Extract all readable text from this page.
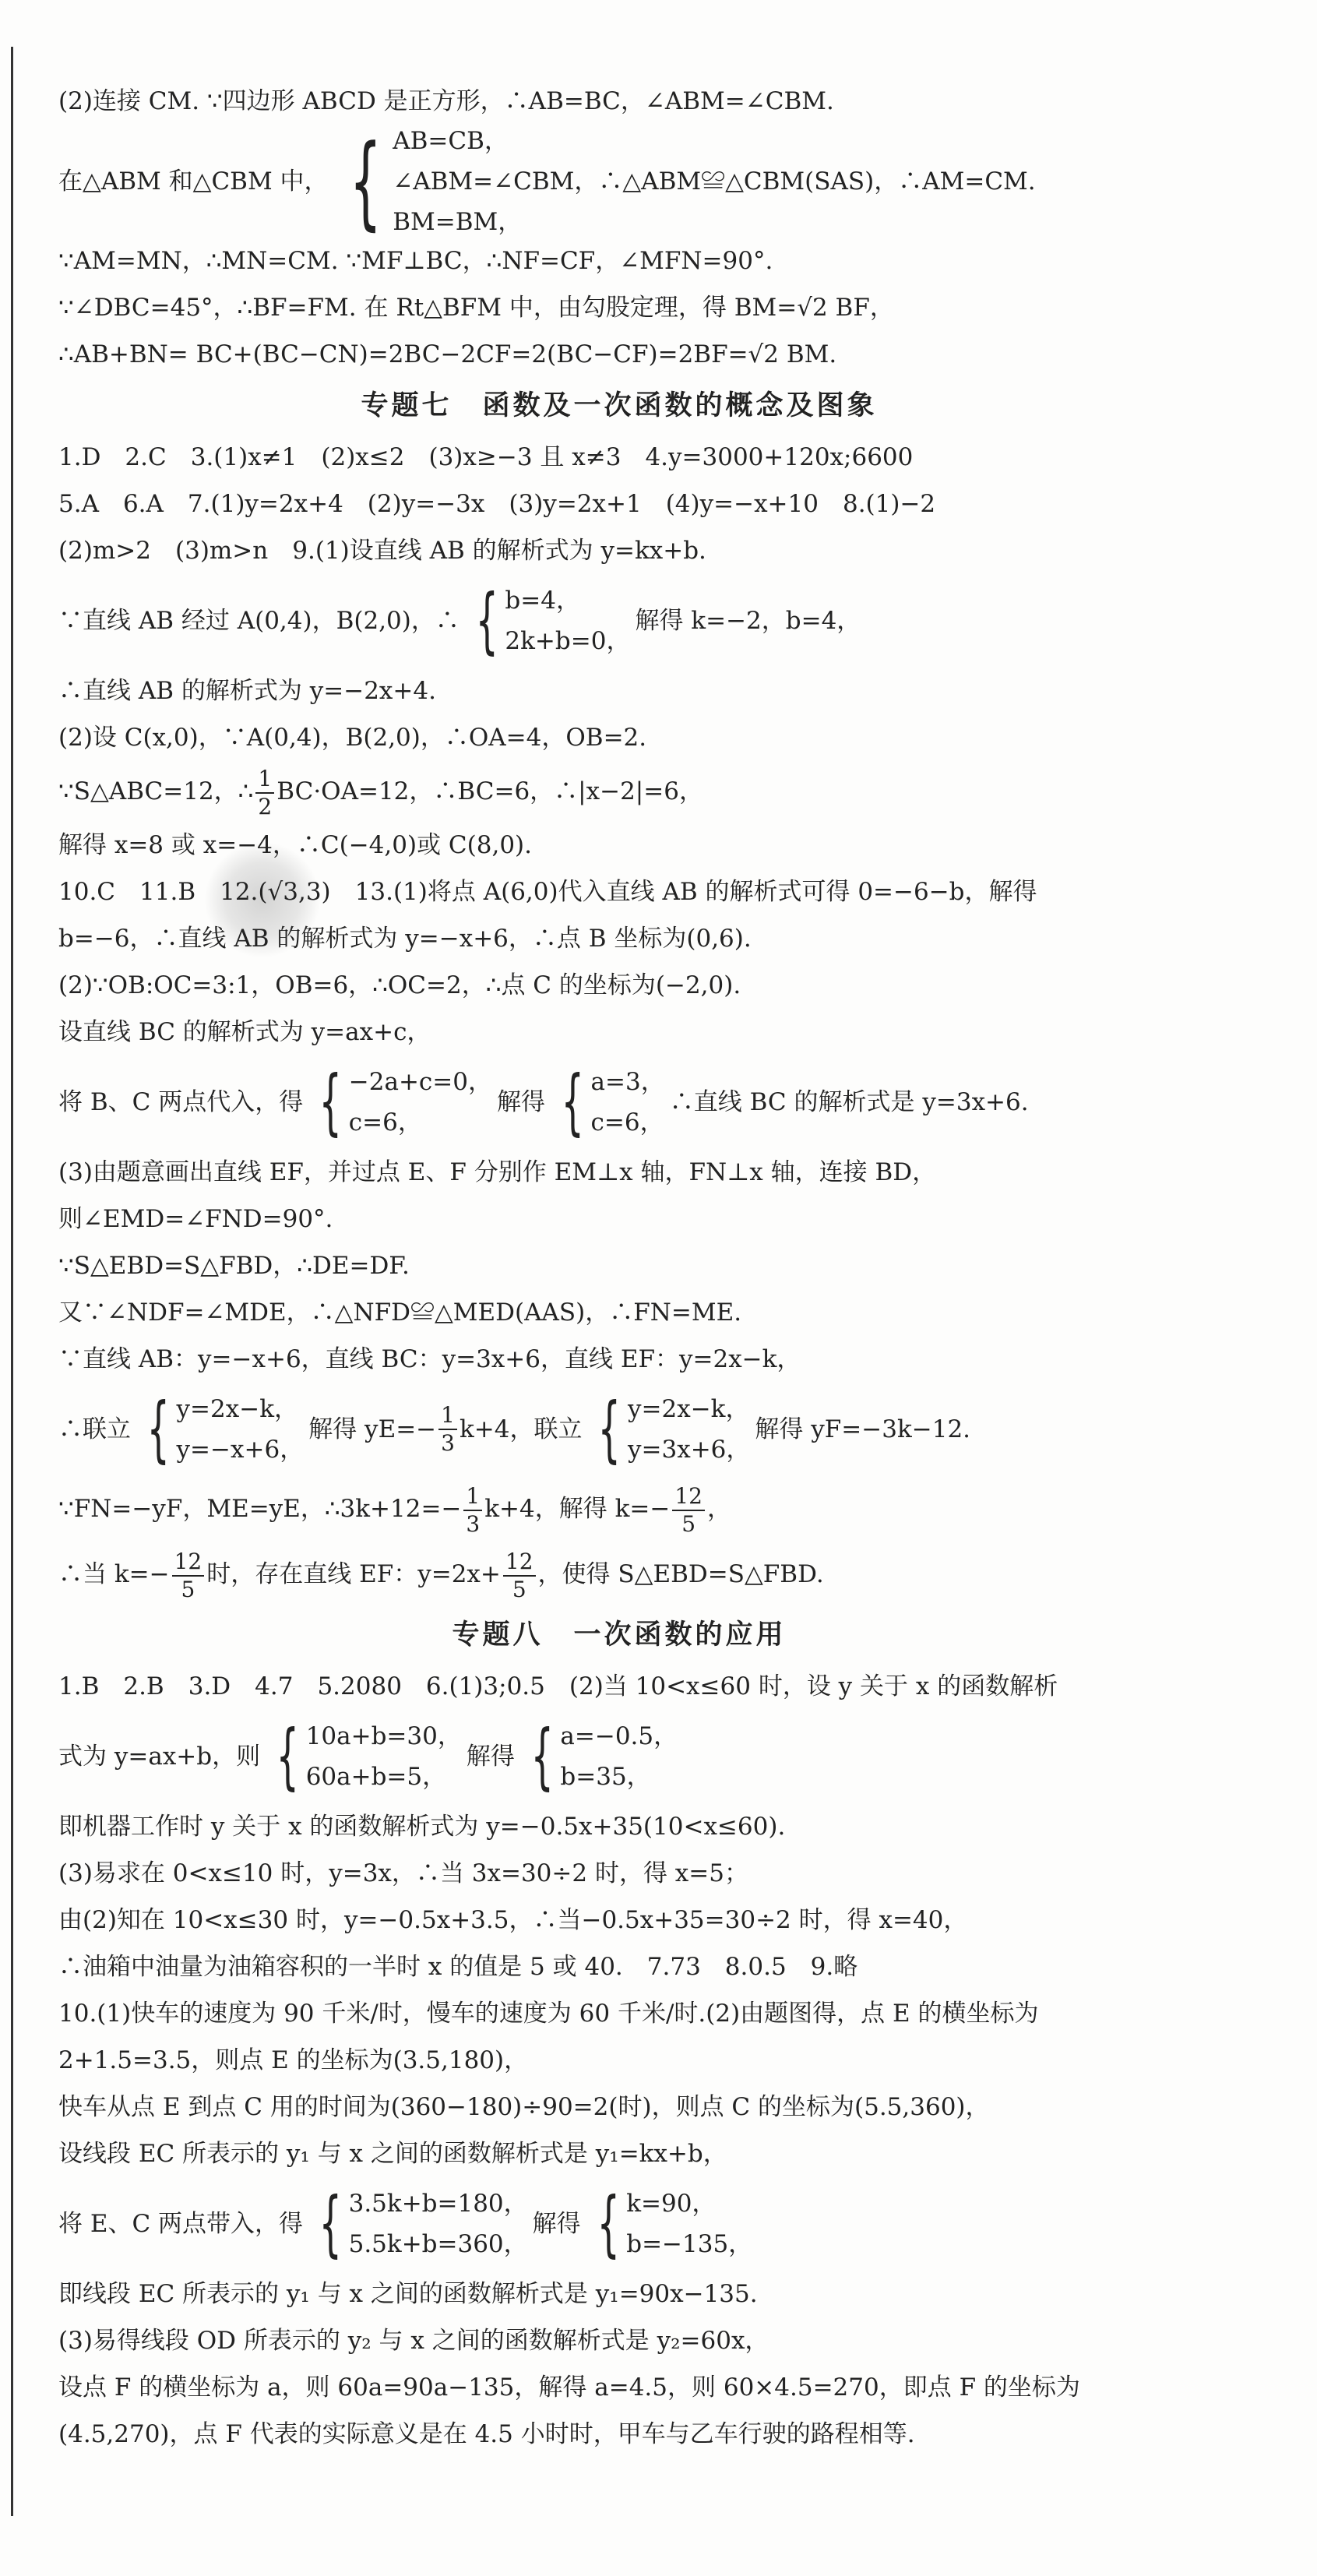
(2)连接 CM. ∵四边形 ABCD 是正方形，∴AB=BC，∠ABM=∠CBM.
在△ABM 和△CBM 中， { AB=CB，
∠ABM=∠CBM，∴△ABM≌△CBM(SAS)，∴AM=CM.
BM=BM，
∵AM=MN，∴MN=CM. ∵MF⊥BC，∴NF=CF，∠MFN=90°.
∵∠DBC=45°，∴BF=FM. 在 Rt△BFM 中，由勾股定理，得 BM=√2 BF，
∴AB+BN= BC+(BC−CN)=2BC−2CF=2(BC−CF)=2BF=√2 BM.
专题七　函数及一次函数的概念及图象
1.D　2.C　3.(1)x≠1　(2)x≤2　(3)x≥−3 且 x≠3　4.y=3000+120x;6600
5.A　6.A　7.(1)y=2x+4　(2)y=−3x　(3)y=2x+1　(4)y=−x+10　8.(1)−2
(2)m>2　(3)m>n　9.(1)设直线 AB 的解析式为 y=kx+b.
∵直线 AB 经过 A(0,4)，B(2,0)，∴ { b=4，
2k+b=0，
解得 k=−2，b=4，
∴直线 AB 的解析式为 y=−2x+4.
(2)设 C(x,0)，∵A(0,4)，B(2,0)，∴OA=4，OB=2.
∵S△ABC=12，∴ $\frac{1}{2} BC\cdot OA=12$，∴BC=6，∴|x−2|=6，
解得 x=8 或 x=−4，∴C(−4,0)或 C(8,0).
10.C　11.B　12.(√3,3)　13.(1)将点 A(6,0)代入直线 AB 的解析式可得 0=−6−b，解得
b=−6，∴直线 AB 的解析式为 y=−x+6，∴点 B 坐标为(0,6).
(2)∵OB:OC=3:1，OB=6，∴OC=2，∴点 C 的坐标为(−2,0).
设直线 BC 的解析式为 y=ax+c，
将 B、C 两点代入，得 { −2a+c=0，
c=6，
解得 { a=3，
c=6，
∴直线 BC 的解析式是 y=3x+6.
(3)由题意画出直线 EF，并过点 E、F 分别作 EM⊥x 轴，FN⊥x 轴，连接 BD，
则∠EMD=∠FND=90°.
∵S△EBD=S△FBD，∴DE=DF.
又∵∠NDF=∠MDE，∴△NFD≌△MED(AAS)，∴FN=ME.
∵直线 AB：y=−x+6，直线 BC：y=3x+6，直线 EF：y=2x−k，
∴联立 { y=2x−k，
y=−x+6，
解得 $yE=- \frac{1}{3} k+4$，联立 { y=2x−k，
y=3x+6，
解得 yF=−3k−12.
∵FN=−yF，ME=yE，∴3k+12=− $\frac{1}{3} k+4$，解得 $k=- \frac{12}{5}$ ，
∴当 $k=- \frac{12}{5}$ 时，存在直线 EF：$y=2x+ \frac{12}{5}$ ，使得 S△EBD=S△FBD.
专题八　一次函数的应用
1.B　2.B　3.D　4.7　5.2080　6.(1)3;0.5　(2)当 10<x≤60 时，设 y 关于 x 的函数解析
式为 y=ax+b，则 { 10a+b=30，
60a+b=5，
解得 { a=−0.5，
b=35，
即机器工作时 y 关于 x 的函数解析式为 y=−0.5x+35(10<x≤60).
(3)易求在 0<x≤10 时，y=3x，∴当 3x=30÷2 时，得 x=5；
由(2)知在 10<x≤30 时，y=−0.5x+3.5，∴当−0.5x+35=30÷2 时，得 x=40，
∴油箱中油量为油箱容积的一半时 x 的值是 5 或 40.　7.73　8.0.5　9.略
10.(1)快车的速度为 90 千米/时，慢车的速度为 60 千米/时.(2)由题图得，点 E 的横坐标为
2+1.5=3.5，则点 E 的坐标为(3.5,180)，
快车从点 E 到点 C 用的时间为(360−180)÷90=2(时)，则点 C 的坐标为(5.5,360)，
设线段 EC 所表示的 y₁ 与 x 之间的函数解析式是 y₁=kx+b，
将 E、C 两点带入，得 { 3.5k+b=180，
5.5k+b=360，
解得 { k=90，
b=−135，
即线段 EC 所表示的 y₁ 与 x 之间的函数解析式是 y₁=90x−135.
(3)易得线段 OD 所表示的 y₂ 与 x 之间的函数解析式是 y₂=60x，
设点 F 的横坐标为 a，则 60a=90a−135，解得 a=4.5，则 60×4.5=270，即点 F 的坐标为
(4.5,270)，点 F 代表的实际意义是在 4.5 小时时，甲车与乙车行驶的路程相等.
